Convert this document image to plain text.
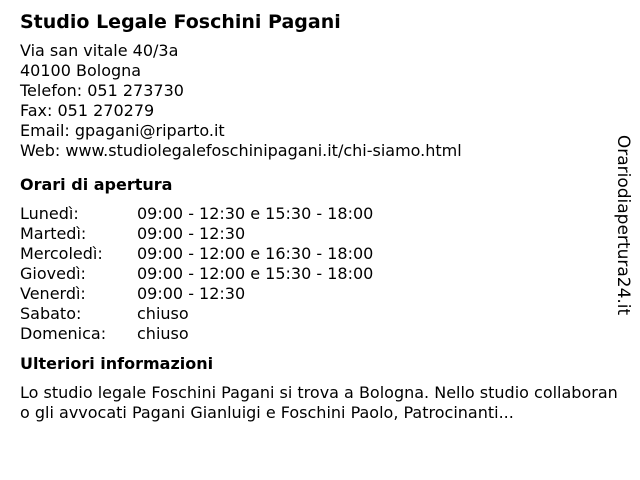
Studio Legale Foschini Pagani
Via san vitale 40/3a
40100 Bologna
Telefon: 051 273730
Fax: 051 270279
Email: gpagani@riparto.it
Web: www.studiolegalefoschinipagani.it/chi-siamo.html
Orari di apertura
Lunedì:	09:00 - 12:30 e 15:30 - 18:00
Martedì:	09:00 - 12:30
Mercoledì:	09:00 - 12:00 e 16:30 - 18:00
Giovedì:	09:00 - 12:00 e 15:30 - 18:00
Venerdì:	09:00 - 12:30
Sabato:	chiuso
Domenica:	chiuso
Ulteriori informazioni
Lo studio legale Foschini Pagani si trova a Bologna. Nello studio collaborano gli avvocati Pagani Gianluigi e Foschini Paolo, Patrocinanti...
Orariodiapertura24.it
